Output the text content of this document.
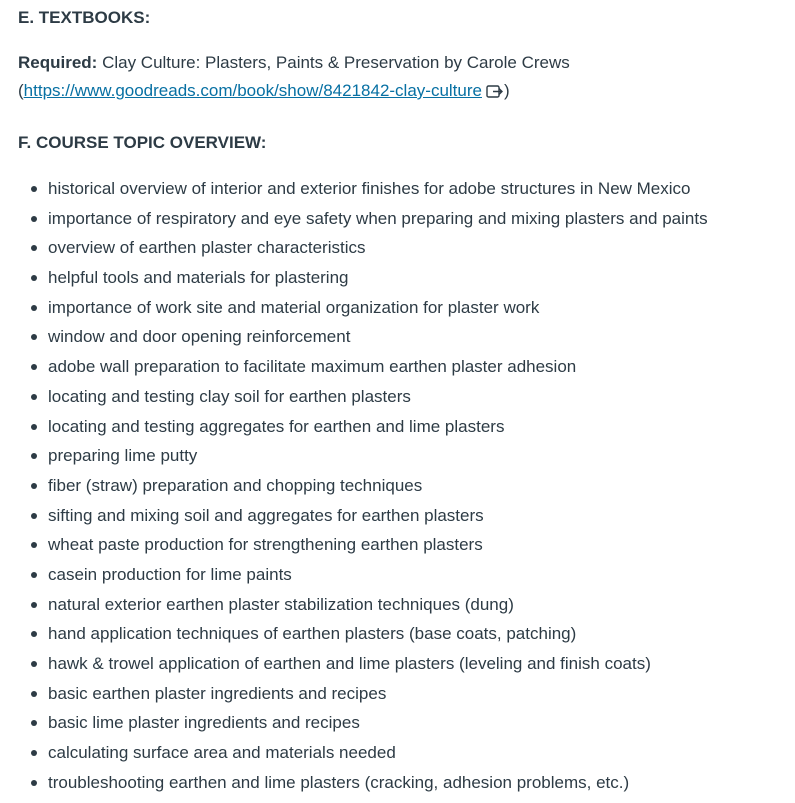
E. TEXTBOOKS:
Required: Clay Culture: Plasters, Paints & Preservation by Carole Crews
(https://www.goodreads.com/book/show/8421842-clay-culture )
F. COURSE TOPIC OVERVIEW:
historical overview of interior and exterior finishes for adobe structures in New Mexico
importance of respiratory and eye safety when preparing and mixing plasters and paints
overview of earthen plaster characteristics
helpful tools and materials for plastering
importance of work site and material organization for plaster work
window and door opening reinforcement
adobe wall preparation to facilitate maximum earthen plaster adhesion
locating and testing clay soil for earthen plasters
locating and testing aggregates for earthen and lime plasters
preparing lime putty
fiber (straw) preparation and chopping techniques
sifting and mixing soil and aggregates for earthen plasters
wheat paste production for strengthening earthen plasters
casein production for lime paints
natural exterior earthen plaster stabilization techniques (dung)
hand application techniques of earthen plasters (base coats, patching)
hawk & trowel application of earthen and lime plasters (leveling and finish coats)
basic earthen plaster ingredients and recipes
basic lime plaster ingredients and recipes
calculating surface area and materials needed
troubleshooting earthen and lime plasters (cracking, adhesion problems, etc.)
